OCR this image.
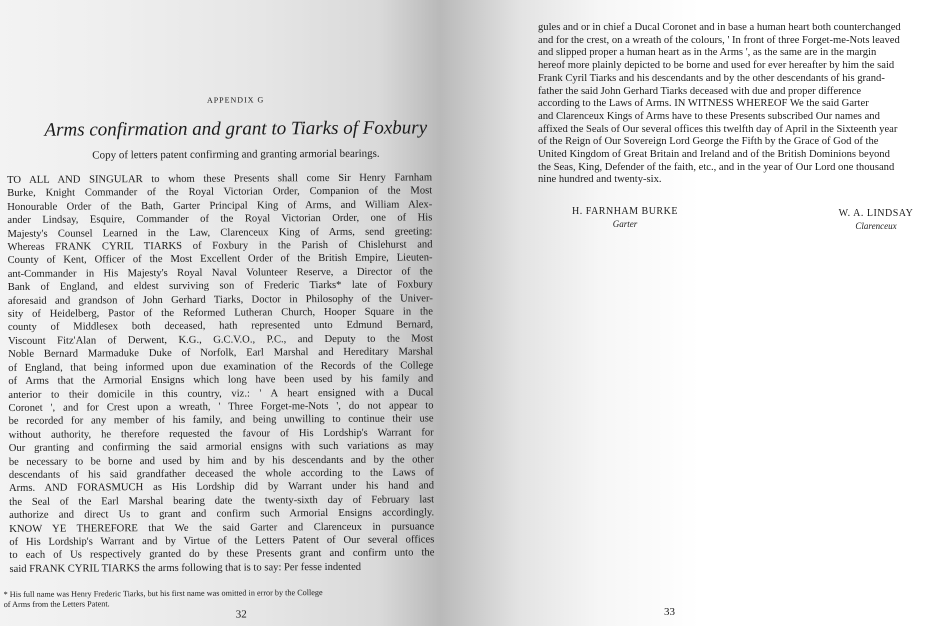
APPENDIX G
Arms confirmation and grant to Tiarks of Foxbury
Copy of letters patent confirming and granting armorial bearings.

TO ALL AND SINGULAR to whom these Presents shall come Sir Henry Farnham
Burke, Knight Commander of the Royal Victorian Order, Companion of the Most
Honourable Order of the Bath, Garter Principal King of Arms, and William Alex-
ander Lindsay, Esquire, Commander of the Royal Victorian Order, one of His
Majesty's Counsel Learned in the Law, Clarenceux King of Arms, send greeting:
Whereas FRANK CYRIL TIARKS of Foxbury in the Parish of Chislehurst and
County of Kent, Officer of the Most Excellent Order of the British Empire, Lieuten-
ant-Commander in His Majesty's Royal Naval Volunteer Reserve, a Director of the
Bank of England, and eldest surviving son of Frederic Tiarks* late of Foxbury
aforesaid and grandson of John Gerhard Tiarks, Doctor in Philosophy of the Univer-
sity of Heidelberg, Pastor of the Reformed Lutheran Church, Hooper Square in the
county of Middlesex both deceased, hath represented unto Edmund Bernard,
Viscount Fitz'Alan of Derwent, K.G., G.C.V.O., P.C., and Deputy to the Most
Noble Bernard Marmaduke Duke of Norfolk, Earl Marshal and Hereditary Marshal
of England, that being informed upon due examination of the Records of the College
of Arms that the Armorial Ensigns which long have been used by his family and
anterior to their domicile in this country, viz.: ' A heart ensigned with a Ducal
Coronet ', and for Crest upon a wreath, ' Three Forget-me-Nots ', do not appear to
be recorded for any member of his family, and being unwilling to continue their use
without authority, he therefore requested the favour of His Lordship's Warrant for
Our granting and confirming the said armorial ensigns with such variations as may
be necessary to be borne and used by him and by his descendants and by the other
descendants of his said grandfather deceased the whole according to the Laws of
Arms. AND FORASMUCH as His Lordship did by Warrant under his hand and
the Seal of the Earl Marshal bearing date the twenty-sixth day of February last
authorize and direct Us to grant and confirm such Armorial Ensigns accordingly.
KNOW YE THEREFORE that We the said Garter and Clarenceux in pursuance
of His Lordship's Warrant and by Virtue of the Letters Patent of Our several offices
to each of Us respectively granted do by these Presents grant and confirm unto the
said FRANK CYRIL TIARKS the arms following that is to say: Per fesse indented

* His full name was Henry Frederic Tiarks, but his first name was omitted in error by the College
of Arms from the Letters Patent.
32

gules and or in chief a Ducal Coronet and in base a human heart both counterchanged
and for the crest, on a wreath of the colours, ' In front of three Forget-me-Nots leaved
and slipped proper a human heart as in the Arms ', as the same are in the margin
hereof more plainly depicted to be borne and used for ever hereafter by him the said
Frank Cyril Tiarks and his descendants and by the other descendants of his grand-
father the said John Gerhard Tiarks deceased with due and proper difference
according to the Laws of Arms. IN WITNESS WHEREOF We the said Garter
and Clarenceux Kings of Arms have to these Presents subscribed Our names and
affixed the Seals of Our several offices this twelfth day of April in the Sixteenth year
of the Reign of Our Sovereign Lord George the Fifth by the Grace of God of the
United Kingdom of Great Britain and Ireland and of the British Dominions beyond
the Seas, King, Defender of the faith, etc., and in the year of Our Lord one thousand
nine hundred and twenty-six.

H. FARNHAM BURKE
Garter
W. A. LINDSAY
Clarenceux
33
